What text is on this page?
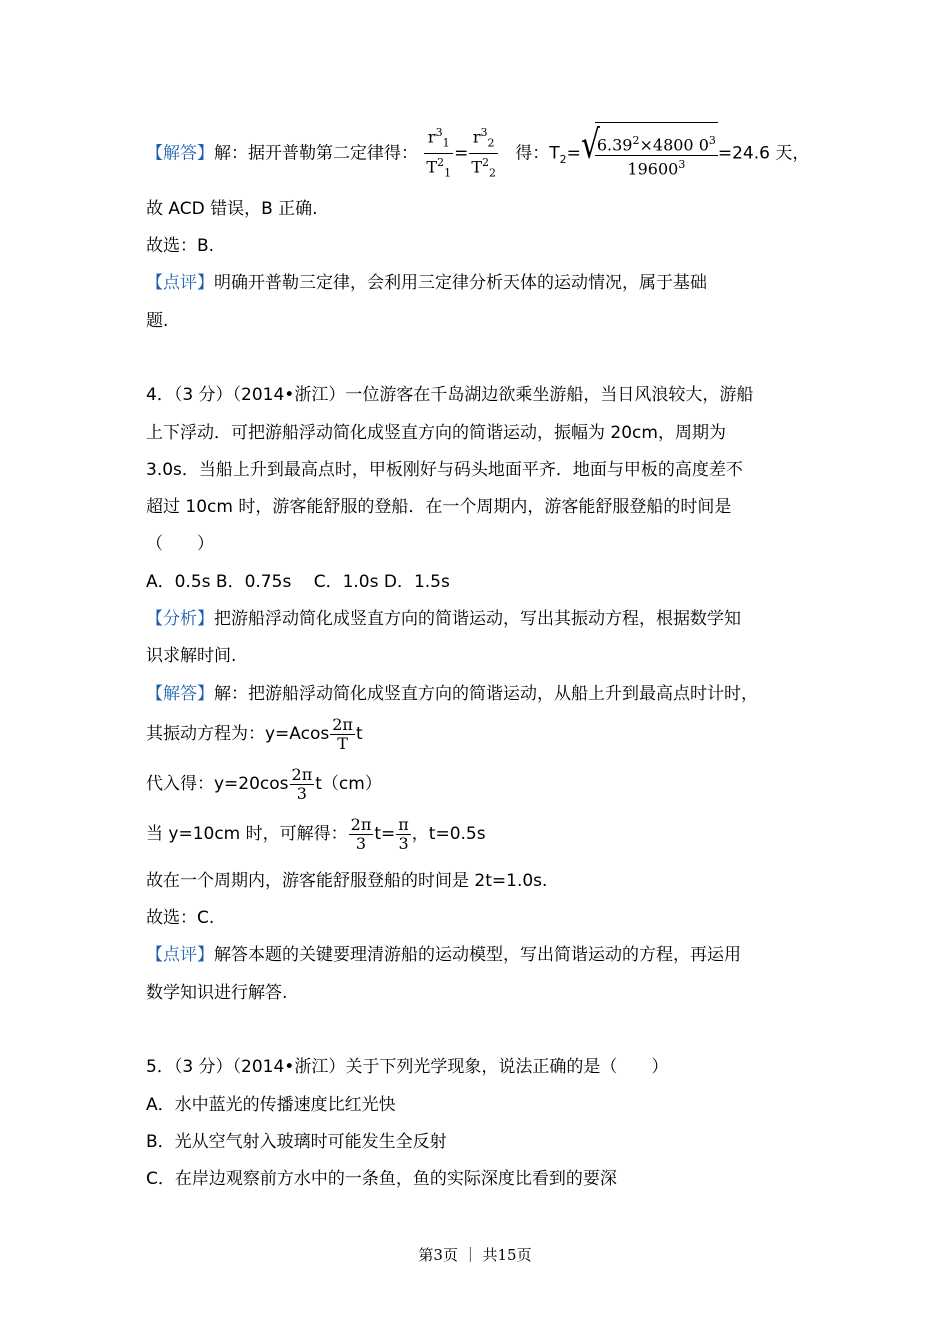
【解答】解：据开普勒第二定律得： $\frac{r^3_1}{T^2_1} = \frac{r^3_2}{T^2_2}$ 得：$T_2=$ √
$\frac{6.39^2\times 4800 0^3}{19600^3} =24.6$ 天，
故 ACD 错误，B 正确.
故选：B.
【点评】明确开普勒三定律，会利用三定律分析天体的运动情况，属于基础
题.
4．（3 分）（2014•浙江）一位游客在千岛湖边欲乘坐游船，当日风浪较大，游船
上下浮动．可把游船浮动简化成竖直方向的简谐运动，振幅为 20cm，周期为
3.0s．当船上升到最高点时，甲板刚好与码头地面平齐．地面与甲板的高度差不
超过 10cm 时，游客能舒服的登船．在一个周期内，游客能舒服登船的时间是
（　　）
A．0.5s B．0.75s　 C．1.0s D．1.5s
【分析】把游船浮动简化成竖直方向的简谐运动，写出其振动方程，根据数学知
识求解时间.
【解答】解：把游船浮动简化成竖直方向的简谐运动，从船上升到最高点时计时，
其振动方程为：$y=Acos \frac{2\pi}{T}$ t
代入得：$y=20\cos \frac{2\pi}{3} t(cm)$
当 y=10cm 时，可解得： $\frac{2\pi}{3} t= \frac{\pi}{3}$ ，t=0.5s
故在一个周期内，游客能舒服登船的时间是 2t=1.0s.
故选：C.
【点评】解答本题的关键要理清游船的运动模型，写出简谐运动的方程，再运用
数学知识进行解答.
5．（3 分）（2014•浙江）关于下列光学现象，说法正确的是（　　）
A．水中蓝光的传播速度比红光快
B．光从空气射入玻璃时可能发生全反射
C．在岸边观察前方水中的一条鱼，鱼的实际深度比看到的要深
第3页 ｜ 共15页
